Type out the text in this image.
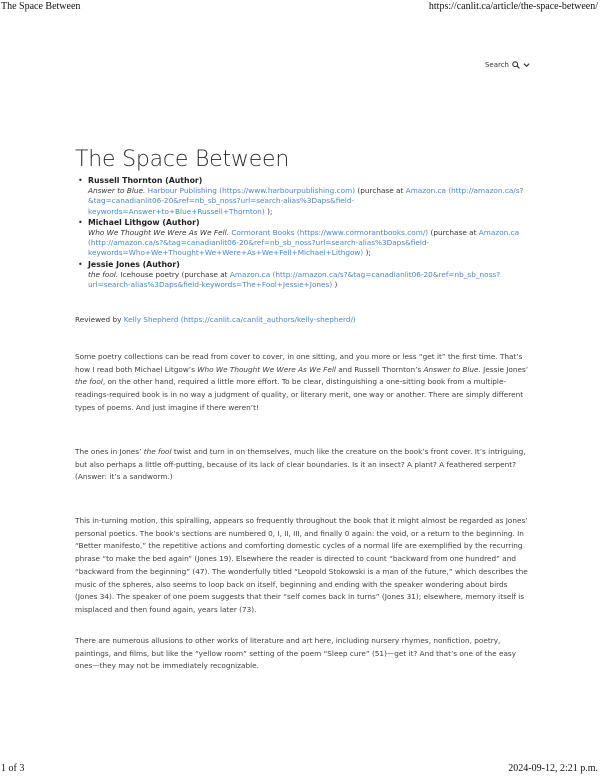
The Space Between	https://canlit.ca/article/the-space-between/
Search
The Space Between
• Russell Thornton (Author)
Answer to Blue. Harbour Publishing (https://www.harbourpublishing.com) (purchase at Amazon.ca (http://amazon.ca/s?&tag=canadianlit06-20&ref=nb_sb_noss?url=search-alias%3Daps&field-keywords=Answer+to+Blue+Russell+Thornton) );
• Michael Lithgow (Author)
Who We Thought We Were As We Fell. Cormorant Books (https://www.cormorantbooks.com/) (purchase at Amazon.ca (http://amazon.ca/s?&tag=canadianlit06-20&ref=nb_sb_noss?url=search-alias%3Daps&field-keywords=Who+We+Thought+We+Were+As+We+Fell+Michael+Lithgow) );
• Jessie Jones (Author)
the fool. Icehouse poetry (purchase at Amazon.ca (http://amazon.ca/s?&tag=canadianlit06-20&ref=nb_sb_noss?url=search-alias%3Daps&field-keywords=The+Fool+Jessie+Jones) )
Reviewed by Kelly Shepherd (https://canlit.ca/canlit_authors/kelly-shepherd/)

Some poetry collections can be read from cover to cover, in one sitting, and you more or less “get it” the first time. That’s how I read both Michael Litgow’s Who We Thought We Were As We Fell and Russell Thornton’s Answer to Blue. Jessie Jones’ the fool, on the other hand, required a little more effort. To be clear, distinguishing a one-sitting book from a multiple-readings-required book is in no way a judgment of quality, or literary merit, one way or another. There are simply different types of poems. And just imagine if there weren’t!

The ones in Jones’ the fool twist and turn in on themselves, much like the creature on the book’s front cover. It’s intriguing, but also perhaps a little off-putting, because of its lack of clear boundaries. Is it an insect? A plant? A feathered serpent? (Answer: it’s a sandworm.)

This in-turning motion, this spiralling, appears so frequently throughout the book that it might almost be regarded as Jones’ personal poetics. The book’s sections are numbered 0, I, II, III, and finally 0 again: the void, or a return to the beginning. In “Better manifesto,” the repetitive actions and comforting domestic cycles of a normal life are exemplified by the recurring phrase “to make the bed again” (Jones 19). Elsewhere the reader is directed to count “backward from one hundred” and “backward from the beginning” (47). The wonderfully titled “Leopold Stokowski is a man of the future,” which describes the music of the spheres, also seems to loop back on itself, beginning and ending with the speaker wondering about birds (Jones 34). The speaker of one poem suggests that their “self comes back in turns” (Jones 31); elsewhere, memory itself is misplaced and then found again, years later (73).

There are numerous allusions to other works of literature and art here, including nursery rhymes, nonfiction, poetry, paintings, and films, but like the “yellow room” setting of the poem “Sleep cure” (51)—get it? And that’s one of the easy ones—they may not be immediately recognizable.

1 of 3	2024-09-12, 2:21 p.m.
